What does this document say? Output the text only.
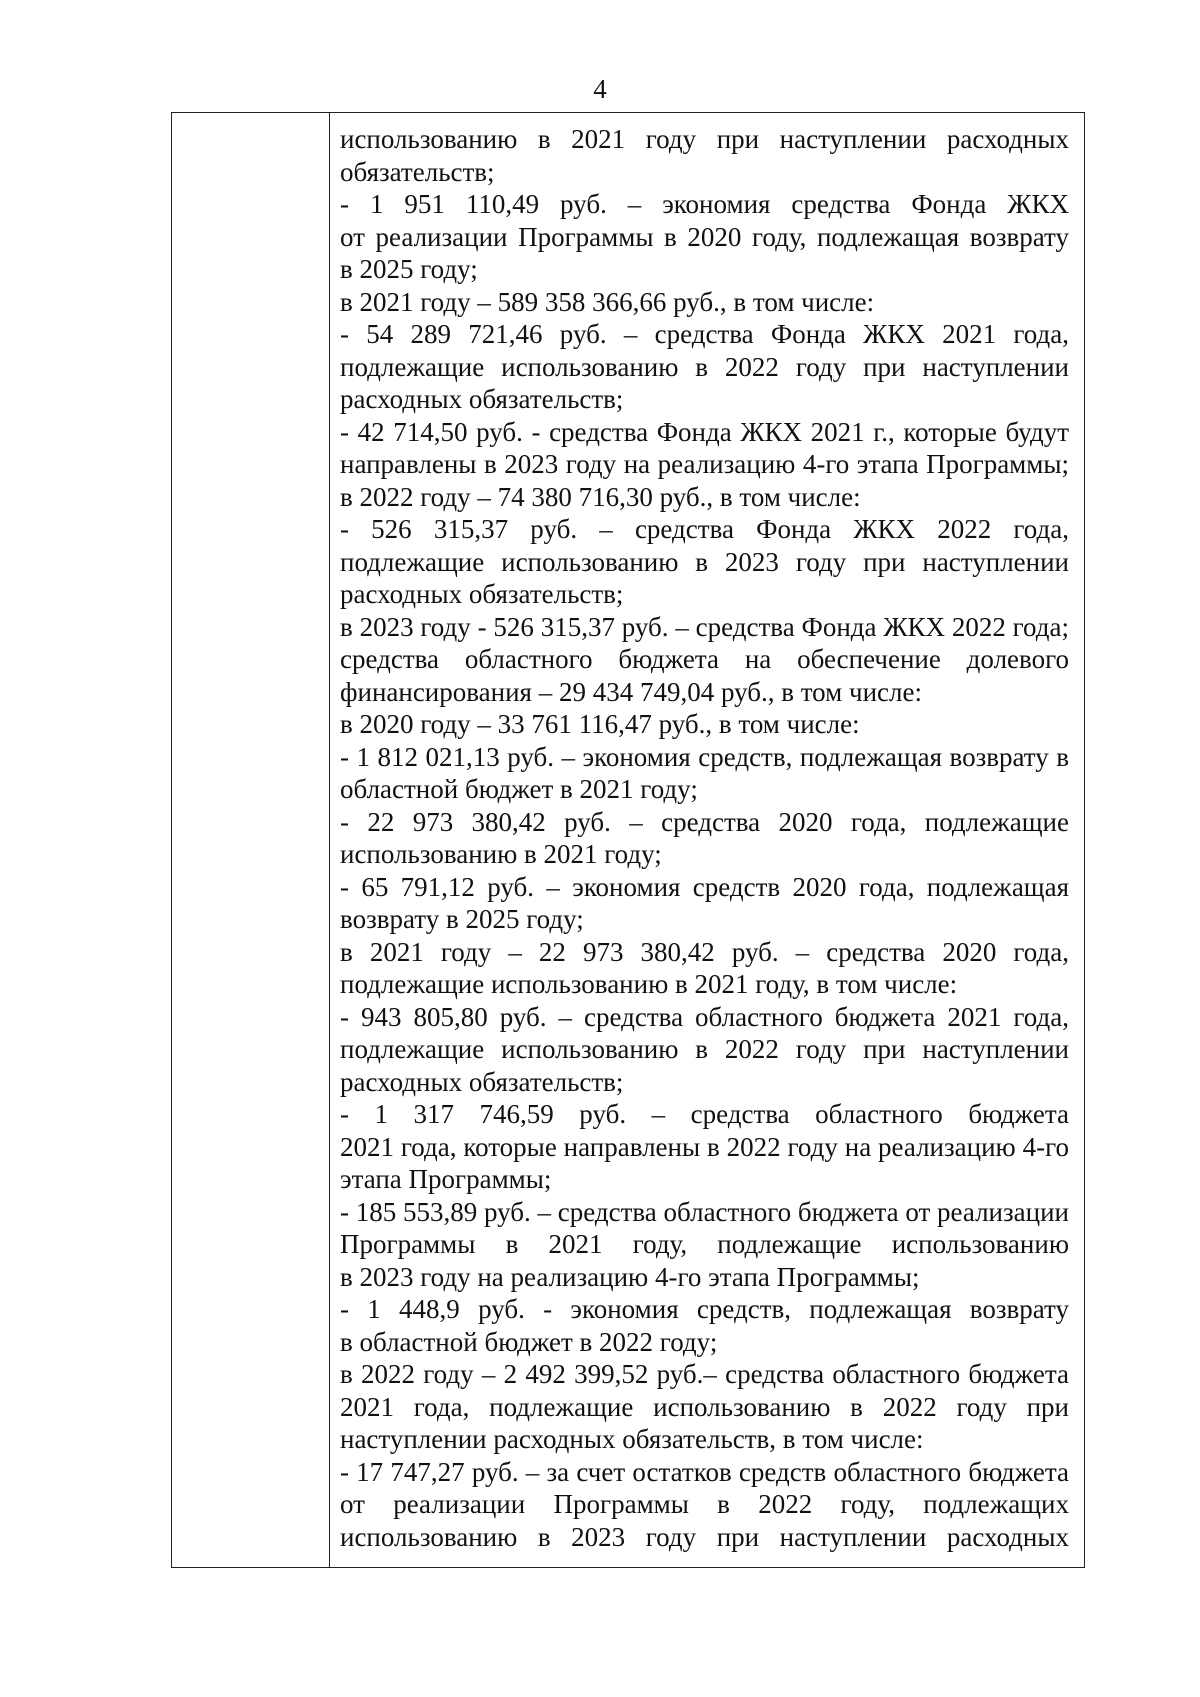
4
использованию в 2021 году при наступлении расходных
обязательств;
- 1 951 110,49 руб. – экономия средства Фонда ЖКХ
от реализации Программы в 2020 году, подлежащая возврату
в 2025 году;
в 2021 году – 589 358 366,66 руб., в том числе:
- 54 289 721,46 руб. – средства Фонда ЖКХ 2021 года,
подлежащие использованию в 2022 году при наступлении
расходных обязательств;
- 42 714,50 руб. - средства Фонда ЖКХ 2021 г., которые будут
направлены в 2023 году на реализацию 4-го этапа Программы;
в 2022 году – 74 380 716,30 руб., в том числе:
- 526 315,37 руб. – средства Фонда ЖКХ 2022 года,
подлежащие использованию в 2023 году при наступлении
расходных обязательств;
в 2023 году - 526 315,37 руб. – средства Фонда ЖКХ 2022 года;
средства областного бюджета на обеспечение долевого
финансирования – 29 434 749,04 руб., в том числе:
в 2020 году – 33 761 116,47 руб., в том числе:
- 1 812 021,13 руб. – экономия средств, подлежащая возврату в
областной бюджет в 2021 году;
- 22 973 380,42 руб. – средства 2020 года, подлежащие
использованию в 2021 году;
- 65 791,12 руб. – экономия средств 2020 года, подлежащая
возврату в 2025 году;
в 2021 году – 22 973 380,42 руб. – средства 2020 года,
подлежащие использованию в 2021 году, в том числе:
- 943 805,80 руб. – средства областного бюджета 2021 года,
подлежащие использованию в 2022 году при наступлении
расходных обязательств;
- 1 317 746,59 руб. – средства областного бюджета
2021 года, которые направлены в 2022 году на реализацию 4-го
этапа Программы;
- 185 553,89 руб. – средства областного бюджета от реализации
Программы в 2021 году, подлежащие использованию
в 2023 году на реализацию 4-го этапа Программы;
- 1 448,9 руб. - экономия средств, подлежащая возврату
в областной бюджет в 2022 году;
в 2022 году – 2 492 399,52 руб.– средства областного бюджета
2021 года, подлежащие использованию в 2022 году при
наступлении расходных обязательств, в том числе:
- 17 747,27 руб. – за счет остатков средств областного бюджета
от реализации Программы в 2022 году, подлежащих
использованию в 2023 году при наступлении расходных
